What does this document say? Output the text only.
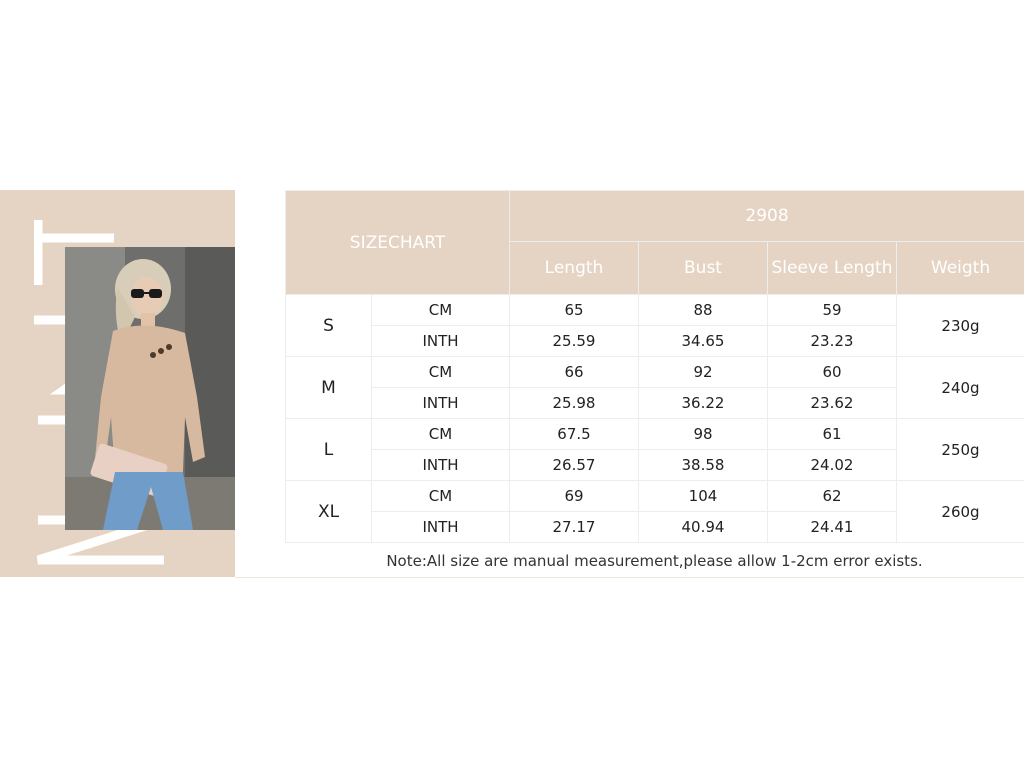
SIZECHART		2908			
		Length	Bust	Sleeve Length	Weigth
S	CM	65	88	59	230g
	INTH	25.59	34.65	23.23	
M	CM	66	92	60	240g
	INTH	25.98	36.22	23.62	
L	CM	67.5	98	61	250g
	INTH	26.57	38.58	24.02	
XL	CM	69	104	62	260g
	INTH	27.17	40.94	24.41	
Note:All size are manual measurement,please allow 1-2cm error exists.
